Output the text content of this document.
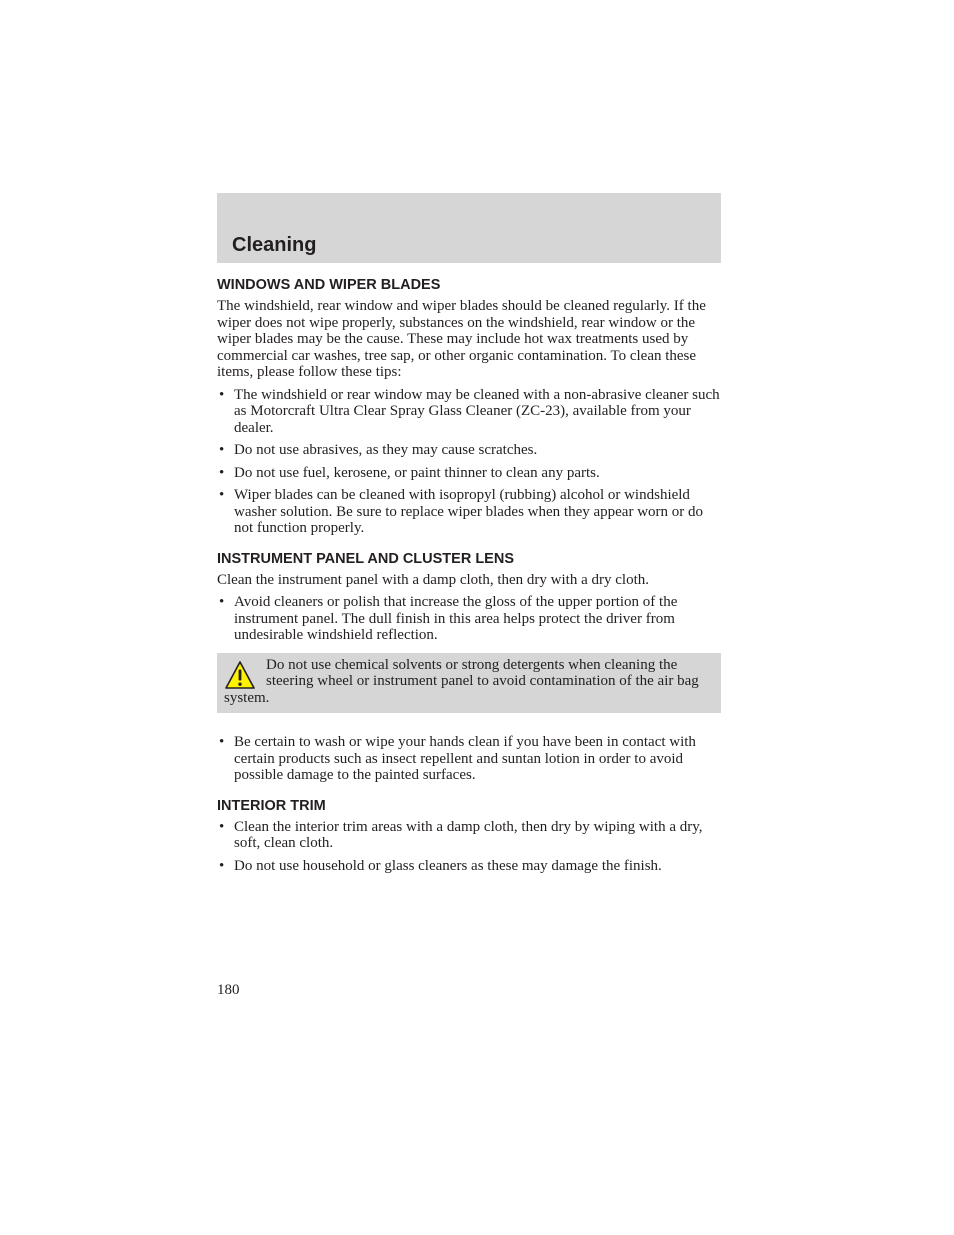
Cleaning
WINDOWS AND WIPER BLADES

The windshield, rear window and wiper blades should be cleaned regularly. If the wiper does not wipe properly, substances on the windshield, rear window or the wiper blades may be the cause. These may include hot wax treatments used by commercial car washes, tree sap, or other organic contamination. To clean these items, please follow these tips:

• The windshield or rear window may be cleaned with a non-abrasive cleaner such as Motorcraft Ultra Clear Spray Glass Cleaner (ZC-23), available from your dealer.
• Do not use abrasives, as they may cause scratches.
• Do not use fuel, kerosene, or paint thinner to clean any parts.
• Wiper blades can be cleaned with isopropyl (rubbing) alcohol or windshield washer solution. Be sure to replace wiper blades when they appear worn or do not function properly.
INSTRUMENT PANEL AND CLUSTER LENS

Clean the instrument panel with a damp cloth, then dry with a dry cloth.

• Avoid cleaners or polish that increase the gloss of the upper portion of the instrument panel. The dull finish in this area helps protect the driver from undesirable windshield reflection.
Do not use chemical solvents or strong detergents when cleaning the steering wheel or instrument panel to avoid contamination of the air bag system.
• Be certain to wash or wipe your hands clean if you have been in contact with certain products such as insect repellent and suntan lotion in order to avoid possible damage to the painted surfaces.
INTERIOR TRIM
• Clean the interior trim areas with a damp cloth, then dry by wiping with a dry, soft, clean cloth.
• Do not use household or glass cleaners as these may damage the finish.
180
